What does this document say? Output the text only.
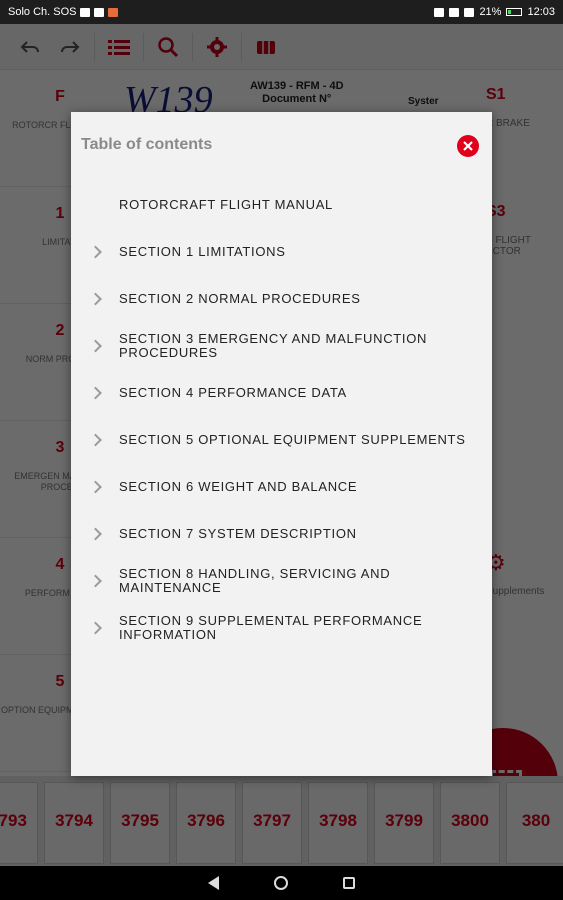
Solo Ch. SOS	21% 12:03
Table of contents
ROTORCRAFT FLIGHT MANUAL
SECTION 1 LIMITATIONS
SECTION 2 NORMAL PROCEDURES
SECTION 3 EMERGENCY AND MALFUNCTION PROCEDURES
SECTION 4 PERFORMANCE DATA
SECTION 5 OPTIONAL EQUIPMENT SUPPLEMENTS
SECTION 6 WEIGHT AND BALANCE
SECTION 7 SYSTEM DESCRIPTION
SECTION 8 HANDLING, SERVICING AND MAINTENANCE
SECTION 9 SUPPLEMENTAL PERFORMANCE INFORMATION
